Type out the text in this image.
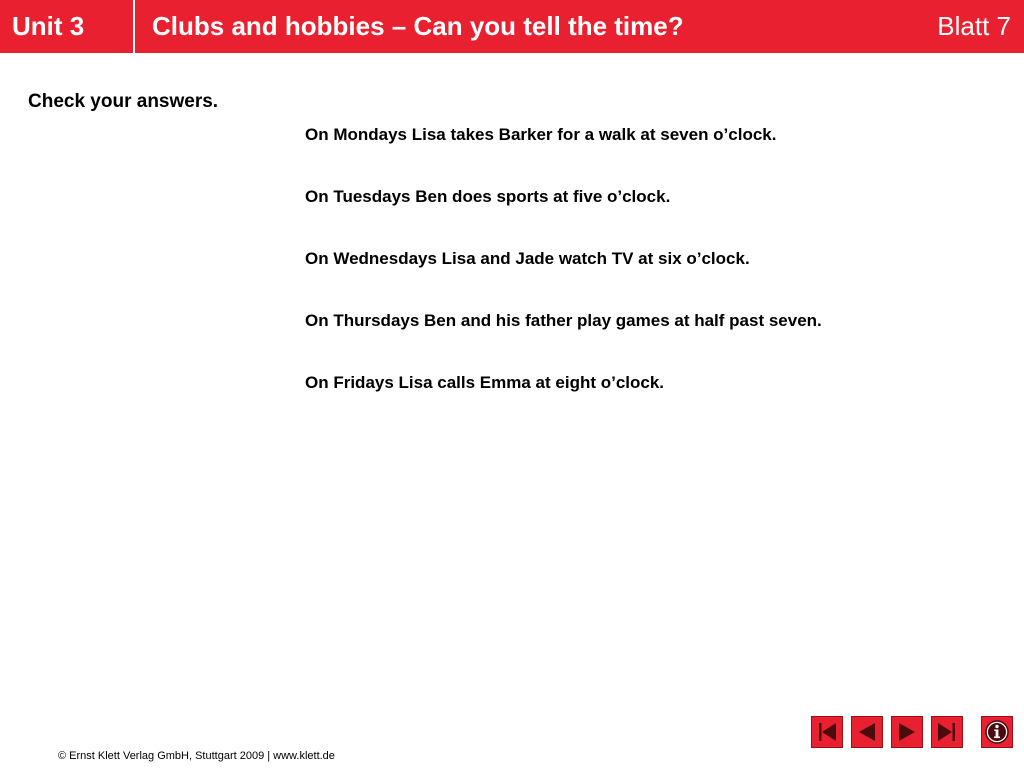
Unit 3	Clubs and hobbies – Can you tell the time?	Blatt 7
Check your answers.
On Mondays Lisa takes Barker for a walk at seven o’clock.
On Tuesdays Ben does sports at five o’clock.
On Wednesdays Lisa and Jade watch TV at six o’clock.
On Thursdays Ben and his father play games at half past seven.
On Fridays Lisa calls Emma at eight o’clock.
© Ernst Klett Verlag GmbH, Stuttgart 2009 | www.klett.de
